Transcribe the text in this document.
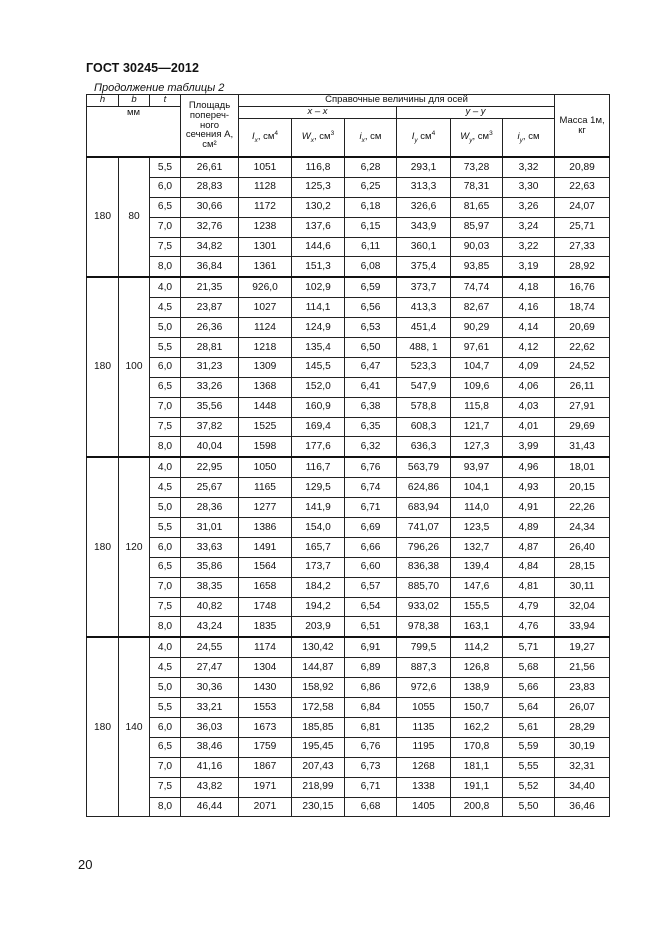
ГОСТ 30245—2012
Продолжение таблицы 2
h	b	t	Площадь попереч-ного сечения A, см²	Справочные величины для осей						Масса 1м, кг
мм										
				x – x			y – y			
				$I_x$, $см^4$	$W_x$, $см^3$	$i_x$, см	$I_y$ $см^4$	$W_y$, $см^3$	$i_y$, см	
180	80	5,5	26,61	1051	116,8	6,28	293,1	73,28	3,32	20,89
		6,0	28,83	1128	125,3	6,25	313,3	78,31	3,30	22,63
		6,5	30,66	1172	130,2	6,18	326,6	81,65	3,26	24,07
		7,0	32,76	1238	137,6	6,15	343,9	85,97	3,24	25,71
		7,5	34,82	1301	144,6	6,11	360,1	90,03	3,22	27,33
		8,0	36,84	1361	151,3	6,08	375,4	93,85	3,19	28,92
180	100	4,0	21,35	926,0	102,9	6,59	373,7	74,74	4,18	16,76
		4,5	23,87	1027	114,1	6,56	413,3	82,67	4,16	18,74
		5,0	26,36	1124	124,9	6,53	451,4	90,29	4,14	20,69
		5,5	28,81	1218	135,4	6,50	488, 1	97,61	4,12	22,62
		6,0	31,23	1309	145,5	6,47	523,3	104,7	4,09	24,52
		6,5	33,26	1368	152,0	6,41	547,9	109,6	4,06	26,11
		7,0	35,56	1448	160,9	6,38	578,8	115,8	4,03	27,91
		7,5	37,82	1525	169,4	6,35	608,3	121,7	4,01	29,69
		8,0	40,04	1598	177,6	6,32	636,3	127,3	3,99	31,43
180	120	4,0	22,95	1050	116,7	6,76	563,79	93,97	4,96	18,01
		4,5	25,67	1165	129,5	6,74	624,86	104,1	4,93	20,15
		5,0	28,36	1277	141,9	6,71	683,94	114,0	4,91	22,26
		5,5	31,01	1386	154,0	6,69	741,07	123,5	4,89	24,34
		6,0	33,63	1491	165,7	6,66	796,26	132,7	4,87	26,40
		6,5	35,86	1564	173,7	6,60	836,38	139,4	4,84	28,15
		7,0	38,35	1658	184,2	6,57	885,70	147,6	4,81	30,11
		7,5	40,82	1748	194,2	6,54	933,02	155,5	4,79	32,04
		8,0	43,24	1835	203,9	6,51	978,38	163,1	4,76	33,94
180	140	4,0	24,55	1174	130,42	6,91	799,5	114,2	5,71	19,27
		4,5	27,47	1304	144,87	6,89	887,3	126,8	5,68	21,56
		5,0	30,36	1430	158,92	6,86	972,6	138,9	5,66	23,83
		5,5	33,21	1553	172,58	6,84	1055	150,7	5,64	26,07
		6,0	36,03	1673	185,85	6,81	1135	162,2	5,61	28,29
		6,5	38,46	1759	195,45	6,76	1195	170,8	5,59	30,19
		7,0	41,16	1867	207,43	6,73	1268	181,1	5,55	32,31
		7,5	43,82	1971	218,99	6,71	1338	191,1	5,52	34,40
		8,0	46,44	2071	230,15	6,68	1405	200,8	5,50	36,46
20
